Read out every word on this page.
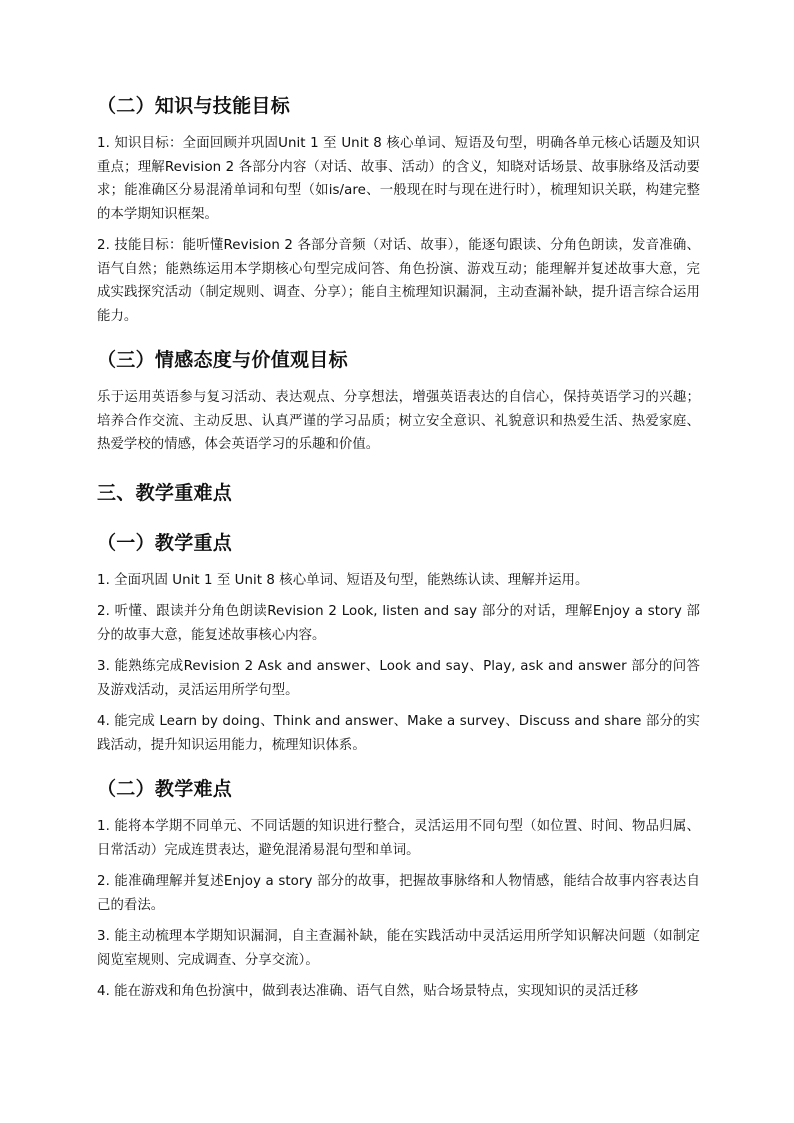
（二）知识与技能目标

1. 知识目标：全面回顾并巩固Unit 1 至 Unit 8 核心单词、短语及句型，明确各单元核心话题及知识重点；理解Revision 2 各部分内容（对话、故事、活动）的含义，知晓对话场景、故事脉络及活动要求；能准确区分易混淆单词和句型（如is/are、一般现在时与现在进行时），梳理知识关联，构建完整的本学期知识框架。

2. 技能目标：能听懂Revision 2 各部分音频（对话、故事），能逐句跟读、分角色朗读，发音准确、语气自然；能熟练运用本学期核心句型完成问答、角色扮演、游戏互动；能理解并复述故事大意，完成实践探究活动（制定规则、调查、分享）；能自主梳理知识漏洞，主动查漏补缺，提升语言综合运用能力。

（三）情感态度与价值观目标

乐于运用英语参与复习活动、表达观点、分享想法，增强英语表达的自信心，保持英语学习的兴趣；培养合作交流、主动反思、认真严谨的学习品质；树立安全意识、礼貌意识和热爱生活、热爱家庭、热爱学校的情感，体会英语学习的乐趣和价值。

三、教学重难点
（一）教学重点

1. 全面巩固 Unit 1 至 Unit 8 核心单词、短语及句型，能熟练认读、理解并运用。

2. 听懂、跟读并分角色朗读Revision 2 Look, listen and say 部分的对话，理解Enjoy a story 部分的故事大意，能复述故事核心内容。

3. 能熟练完成Revision 2 Ask and answer、Look and say、Play, ask and answer 部分的问答及游戏活动，灵活运用所学句型。

4. 能完成 Learn by doing、Think and answer、Make a survey、Discuss and share 部分的实践活动，提升知识运用能力，梳理知识体系。

（二）教学难点

1. 能将本学期不同单元、不同话题的知识进行整合，灵活运用不同句型（如位置、时间、物品归属、日常活动）完成连贯表达，避免混淆易混句型和单词。

2. 能准确理解并复述Enjoy a story 部分的故事，把握故事脉络和人物情感，能结合故事内容表达自己的看法。

3. 能主动梳理本学期知识漏洞，自主查漏补缺，能在实践活动中灵活运用所学知识解决问题（如制定阅览室规则、完成调查、分享交流）。

4. 能在游戏和角色扮演中，做到表达准确、语气自然，贴合场景特点，实现知识的灵活迁移
